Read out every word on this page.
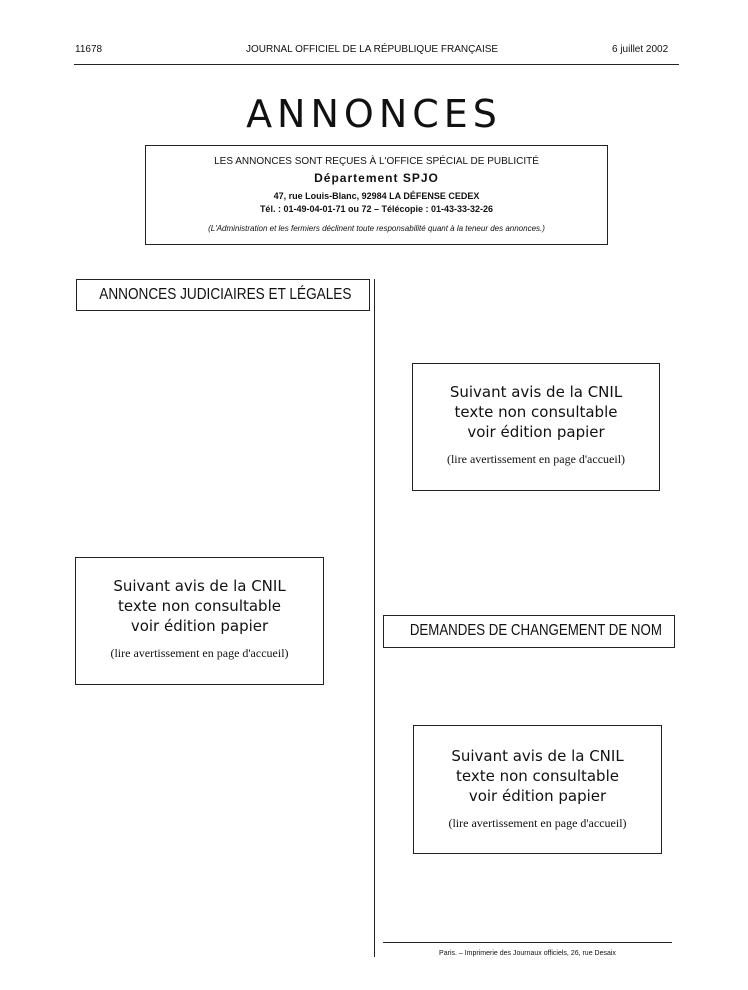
11678	JOURNAL OFFICIEL DE LA RÉPUBLIQUE FRANÇAISE	6 juillet 2002
ANNONCES
LES ANNONCES SONT REÇUES À L'OFFICE SPÉCIAL DE PUBLICITÉ
Département SPJO
47, rue Louis-Blanc, 92984 LA DÉFENSE CEDEX
Tél. : 01-49-04-01-71 ou 72 – Télécopie : 01-43-33-32-26
(L'Administration et les fermiers déclinent toute responsabilité quant à la teneur des annonces.)
ANNONCES JUDICIAIRES ET LÉGALES
Suivant avis de la CNIL
texte non consultable
voir édition papier
(lire avertissement en page d'accueil)
Suivant avis de la CNIL
texte non consultable
voir édition papier
(lire avertissement en page d'accueil)
DEMANDES DE CHANGEMENT DE NOM
Suivant avis de la CNIL
texte non consultable
voir édition papier
(lire avertissement en page d'accueil)
Paris. – Imprimerie des Journaux officiels, 26, rue Desaix
